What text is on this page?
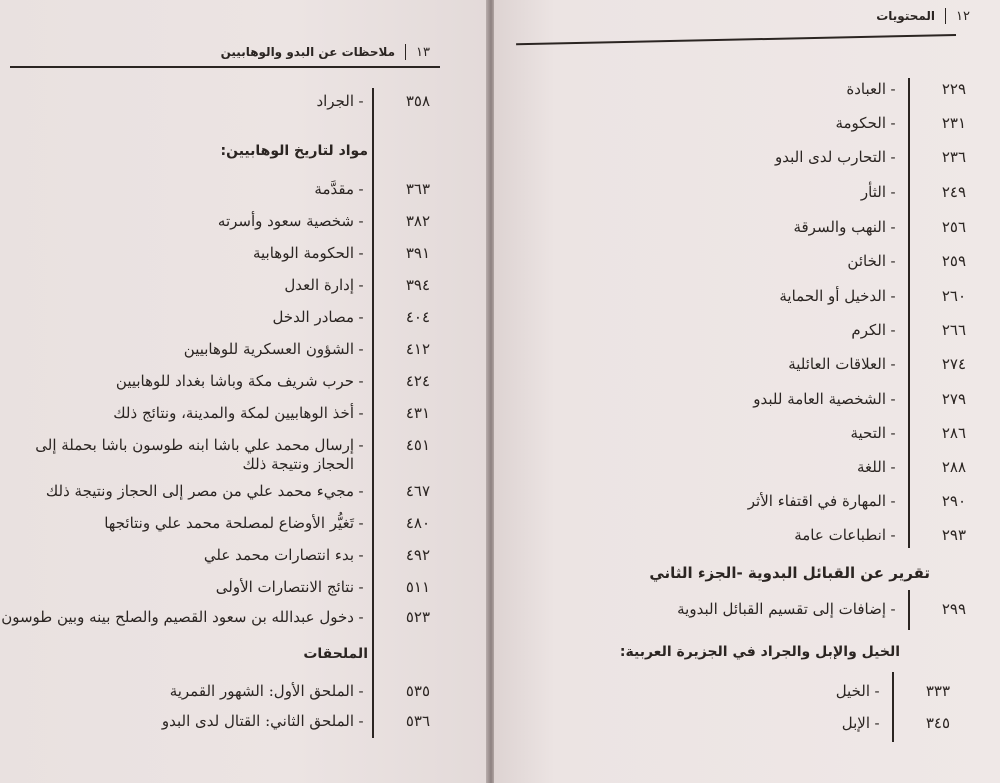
١٣
ملاحظات عن البدو والوهابيين
٣٥٨
-
الجراد
مواد لتاريخ الوهابيين:
٣٦٣
-
مقدَّمة
٣٨٢
-
شخصية سعود وأسرته
٣٩١
-
الحكومة الوهابية
٣٩٤
-
إدارة العدل
٤٠٤
-
مصادر الدخل
٤١٢
-
الشؤون العسكرية للوهابيين
٤٢٤
-
حرب شريف مكة وباشا بغداد للوهابيين
٤٣١
-
أخذ الوهابيين لمكة والمدينة، ونتائج ذلك
٤٥١
-
إرسال محمد علي باشا ابنه طوسون باشا بحملة إلى الحجاز ونتيجة ذلك
٤٦٧
-
مجيء محمد علي من مصر إلى الحجاز ونتيجة ذلك
٤٨٠
-
تَغيُّر الأوضاع لمصلحة محمد علي ونتائجها
٤٩٢
-
بدء انتصارات محمد علي
٥١١
-
نتائج الانتصارات الأولى
٥٢٣
-
دخول عبدالله بن سعود القصيم والصلح بينه وبين طوسون
الملحقات
٥٣٥
-
الملحق الأول: الشهور القمرية
٥٣٦
-
الملحق الثاني: القتال لدى البدو
١٢
المحتويات
٢٢٩
-
العبادة
٢٣١
-
الحكومة
٢٣٦
-
التحارب لدى البدو
٢٤٩
-
الثأر
٢٥٦
-
النهب والسرقة
٢٥٩
-
الخائن
٢٦٠
-
الدخيل أو الحماية
٢٦٦
-
الكرم
٢٧٤
-
العلاقات العائلية
٢٧٩
-
الشخصية العامة للبدو
٢٨٦
-
التحية
٢٨٨
-
اللغة
٢٩٠
-
المهارة في اقتفاء الأثر
٢٩٣
-
انطباعات عامة
تقرير عن القبائل البدوية -الجزء الثاني
٢٩٩
-
إضافات إلى تقسيم القبائل البدوية
الخيل والإبل والجراد في الجزيرة العربية:
٣٣٣
-
الخيل
٣٤٥
-
الإبل
